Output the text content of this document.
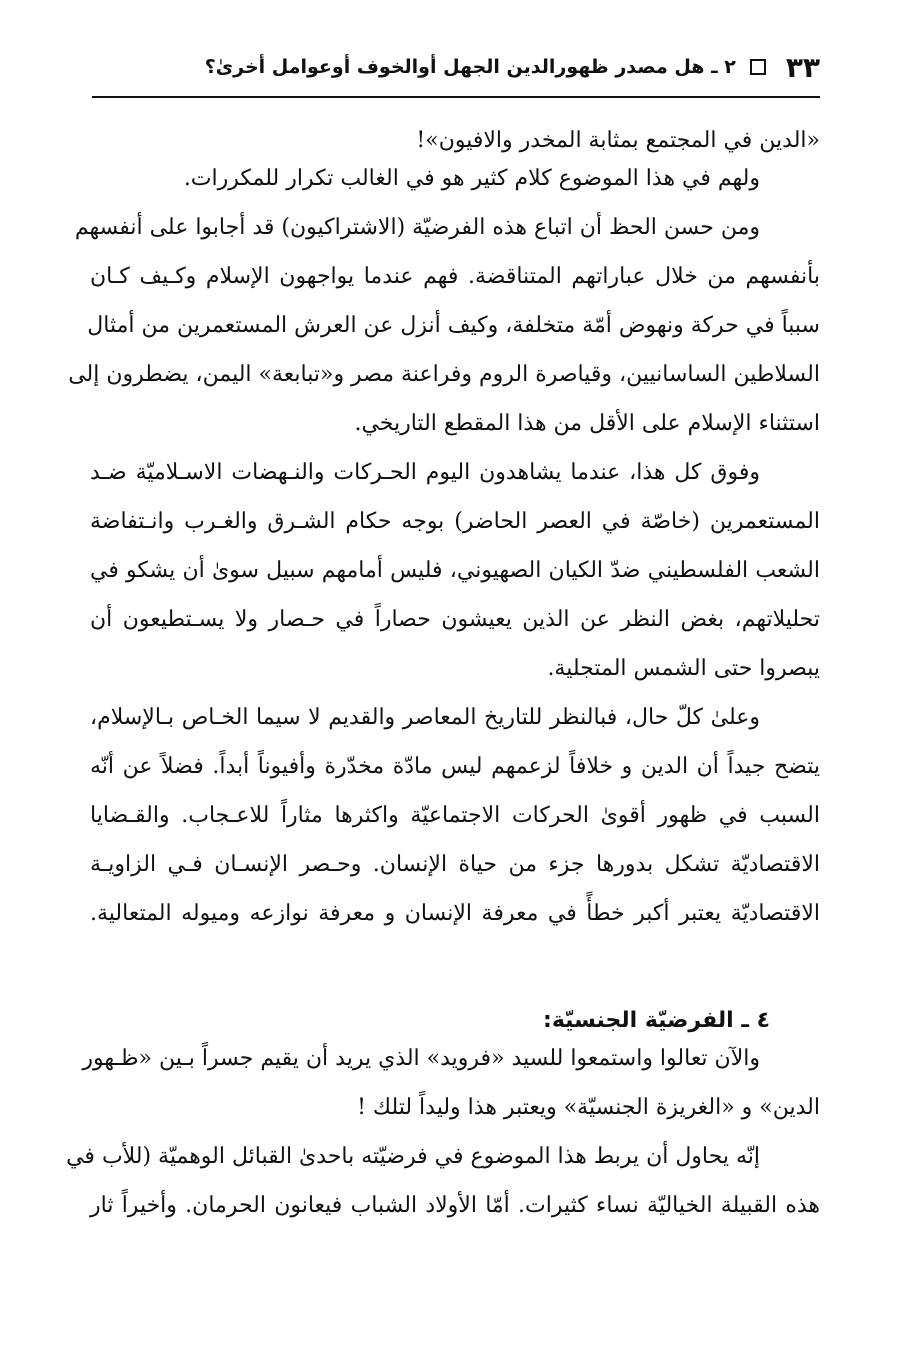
٣٣
٢ ـ هل مصدر ظهورالدين الجهل أوالخوف أوعوامل أخرىٰ؟
«الدين في المجتمع بمثابة المخدر والافيون»!
ولهم في هذا الموضوع كلام كثير هو في الغالب تكرار للمكررات.
ومن حسن الحظ أن اتباع هذه الفرضيّة (الاشتراكيون) قد أجابوا على أنفسهم
بأنفسهم من خلال عباراتهم المتناقضة. فهم عندما يواجهون الإسلام وكـيف كـان
سبباً في حركة ونهوض أمّة متخلفة، وكيف أنزل عن العرش المستعمرين من أمثال
السلاطين الساسانيين، وقياصرة الروم وفراعنة مصر و«تبابعة» اليمن، يضطرون إلى
استثناء الإسلام على الأقل من هذا المقطع التاريخي.
وفوق كل هذا، عندما يشاهدون اليوم الحـركات والنـهضات الاسـلاميّة ضـد
المستعمرين (خاصّة في العصر الحاضر) بوجه حكام الشـرق والغـرب وانـتفاضة
الشعب الفلسطيني ضدّ الكيان الصهيوني، فليس أمامهم سبيل سوىٰ أن يشكو في
تحليلاتهم، بغض النظر عن الذين يعيشون حصاراً في حـصار ولا يسـتطيعون أن
يبصروا حتى الشمس المتجلية.
وعلىٰ كلّ حال، فبالنظر للتاريخ المعاصر والقديم لا سيما الخـاص بـالإسلام،
يتضح جيداً أن الدين و خلافاً لزعمهم ليس مادّة مخدّرة وأفيوناً أبداً. فضلاً عن أنّه
السبب في ظهور أقوىٰ الحركات الاجتماعيّة واكثرها مثاراً للاعـجاب. والقـضايا
الاقتصاديّة تشكل بدورها جزء من حياة الإنسان. وحـصر الإنسـان فـي الزاويـة
الاقتصاديّة يعتبر أكبر خطأً في معرفة الإنسان و معرفة نوازعه وميوله المتعالية.
٤ ـ الفرضيّة الجنسيّة:
والآن تعالوا واستمعوا للسيد «فرويد» الذي يريد أن يقيم جسراً بـين «ظـهور
الدين» و «الغريزة الجنسيّة» ويعتبر هذا وليداً لتلك !
إنّه يحاول أن يربط هذا الموضوع في فرضيّته باحدىٰ القبائل الوهميّة (للأب في
هذه القبيلة الخياليّة نساء كثيرات. أمّا الأولاد الشباب فيعانون الحرمان. وأخيراً ثار
